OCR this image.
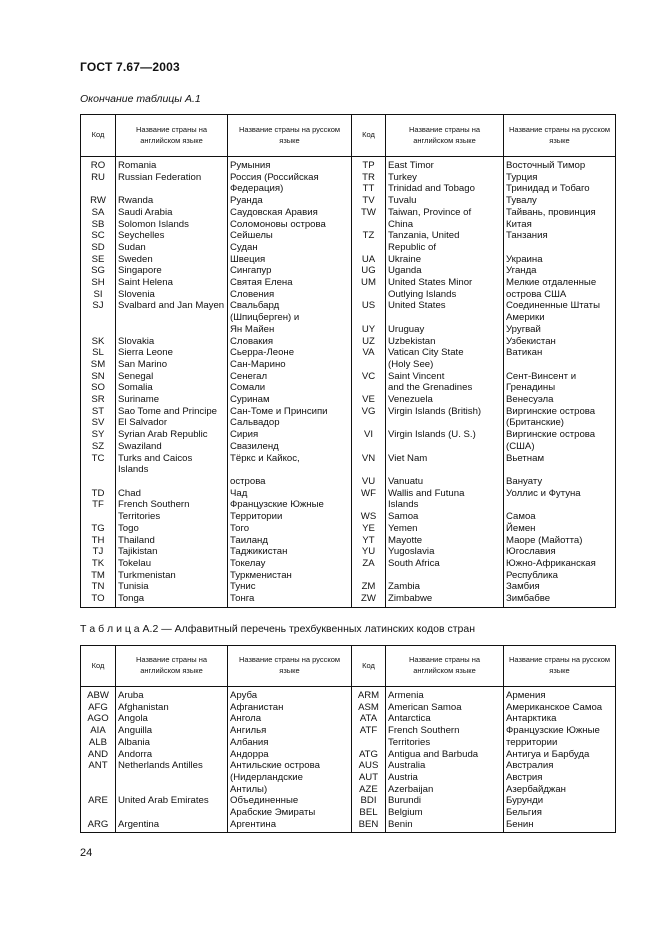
ГОСТ 7.67—2003
Окончание таблицы А.1
Код	Название страны на английском языке	Название страны на русском языке	Код	Название страны на английском языке	Название страны на русском языке
RO	Romania	Румыния	TP	East Timor	Восточный Тимор
RU	Russian Federation	Россия (Российская	TR	Turkey	Турция
		Федерация)	TT	Trinidad and Tobago	Тринидад и Тобаго
RW	Rwanda	Руанда	TV	Tuvalu	Тувалу
SA	Saudi Arabia	Саудовская Аравия	TW	Taiwan, Province of	Тайвань, провинция
SB	Solomon Islands	Соломоновы острова		China	Китая
SC	Seychelles	Сейшелы	TZ	Tanzania, United	Танзания
SD	Sudan	Судан		Republic of	
SE	Sweden	Швеция	UA	Ukraine	Украина
SG	Singapore	Сингапур	UG	Uganda	Уганда
SH	Saint Helena	Святая Елена	UM	United States Minor	Мелкие отдаленные
SI	Slovenia	Словения		Outlying Islands	острова США
SJ	Svalbard and Jan Mayen	Свальбард	US	United States	Соединенные Штаты
		(Шпицберген) и			Америки
		Ян Майен	UY	Uruguay	Уругвай
SK	Slovakia	Словакия	UZ	Uzbekistan	Узбекистан
SL	Sierra Leone	Сьерра-Леоне	VA	Vatican City State	Ватикан
SM	San Marino	Сан-Марино		(Holy See)	
SN	Senegal	Сенегал	VC	Saint Vincent	Сент-Винсент и
SO	Somalia	Сомали		and the Grenadines	Гренадины
SR	Suriname	Суринам	VE	Venezuela	Венесуэла
ST	Sao Tome and Principe	Сан-Томе и Принсипи	VG	Virgin Islands (British)	Виргинские острова
SV	El Salvador	Сальвадор			(Британские)
SY	Syrian Arab Republic	Сирия	VI	Virgin Islands (U. S.)	Виргинские острова
SZ	Swaziland	Свазиленд			(США)
TC	Turks and Caicos Islands	Тёркс и Кайкос,	VN	Viet Nam	Вьетнам
		острова	VU	Vanuatu	Вануату
TD	Chad	Чад	WF	Wallis and Futuna	Уоллис и Футуна
TF	French Southern	Французские Южные		Islands	
	Territories	Территории	WS	Samoa	Самоа
TG	Togo	Того	YE	Yemen	Йемен
TH	Thailand	Таиланд	YT	Mayotte	Маоре (Майотта)
TJ	Tajikistan	Таджикистан	YU	Yugoslavia	Югославия
TK	Tokelau	Токелау	ZA	South Africa	Южно-Африканская
TM	Turkmenistan	Туркменистан			Республика
TN	Tunisia	Тунис	ZM	Zambia	Замбия
TO	Tonga	Тонга	ZW	Zimbabwe	Зимбабве
Т а б л и ц а А.2 — Алфавитный перечень трехбуквенных латинских кодов стран
Код	Название страны на английском языке	Название страны на русском языке	Код	Название страны на английском языке	Название страны на русском языке
ABW	Aruba	Аруба	ARM	Armenia	Армения
AFG	Afghanistan	Афганистан	ASM	American Samoa	Американское Самоа
AGO	Angola	Ангола	ATA	Antarctica	Антарктика
AIA	Anguilla	Ангилья	ATF	French Southern	Французские Южные
ALB	Albania	Албания		Territories	территории
AND	Andorra	Андорра	ATG	Antigua and Barbuda	Антигуа и Барбуда
ANT	Netherlands Antilles	Антильские острова	AUS	Australia	Австралия
		(Нидерландские	AUT	Austria	Австрия
		Антилы)	AZE	Azerbaijan	Азербайджан
ARE	United Arab Emirates	Объединенные	BDI	Burundi	Бурунди
		Арабские Эмираты	BEL	Belgium	Бельгия
ARG	Argentina	Аргентина	BEN	Benin	Бенин
24
